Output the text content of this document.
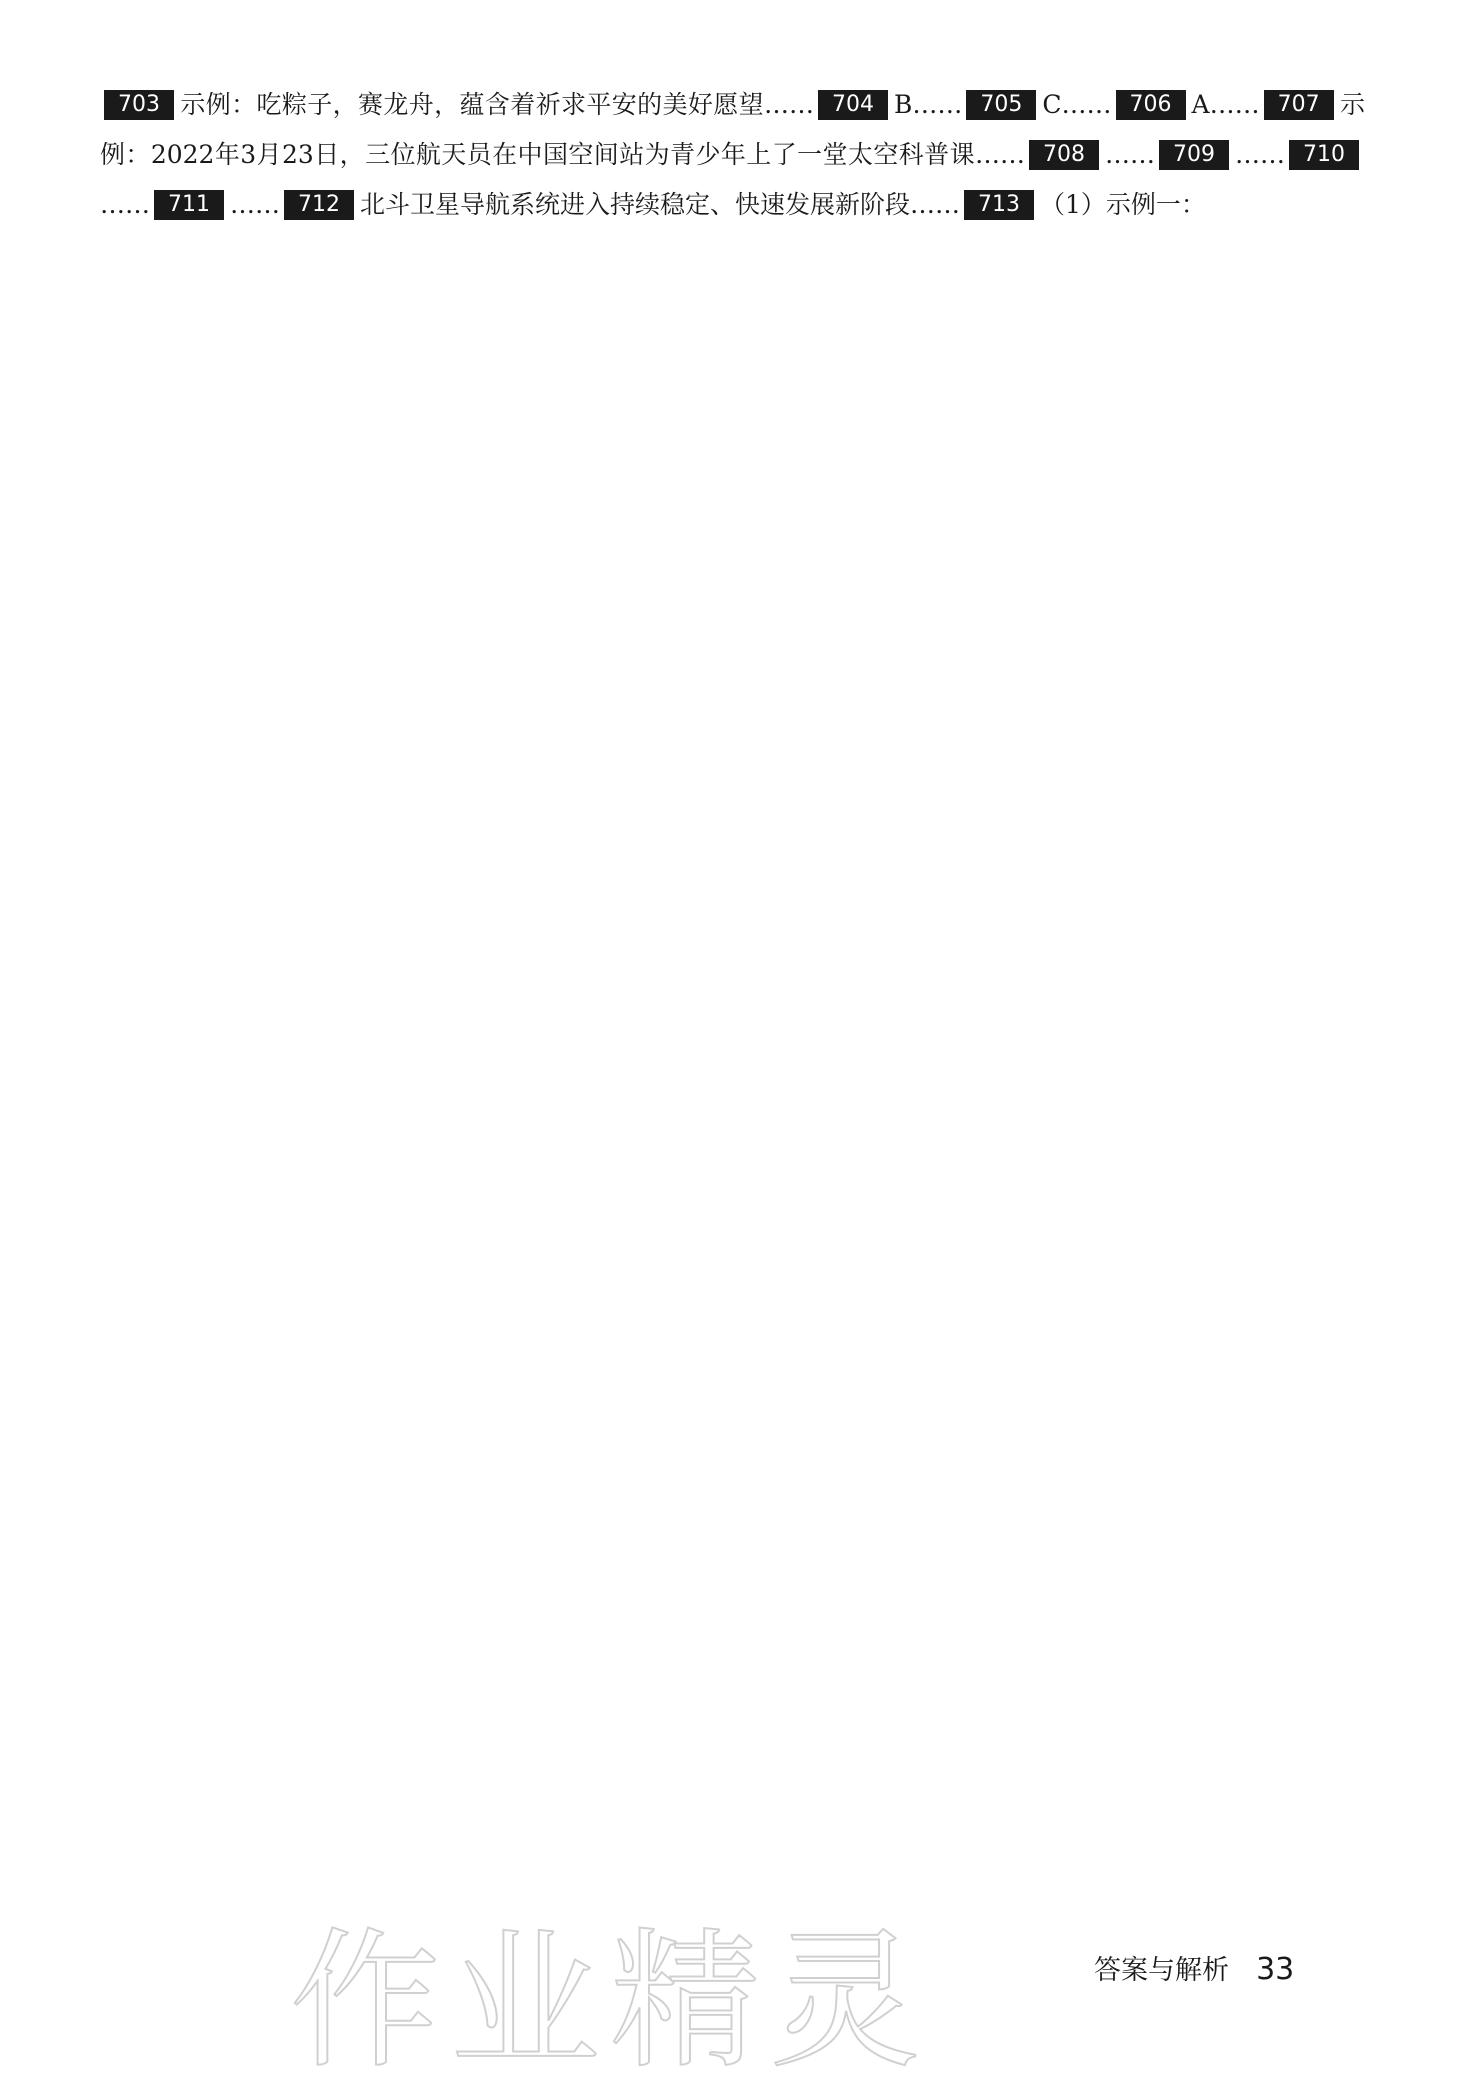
703 示例：吃粽子，赛龙舟，蕴含着祈求平安的美好愿望…… 704 B…… 705 C…… 706 A…… 707 示例：2022年3月23日，三位航天员在中国空间站为青少年上了一堂太空科普课…… 708 …… 709 …… 710…… 711 …… 712 北斗卫星导航系统进入持续稳定、快速发展新阶段…… 713 （1）示例一：

作业精灵	答案与解析 33
